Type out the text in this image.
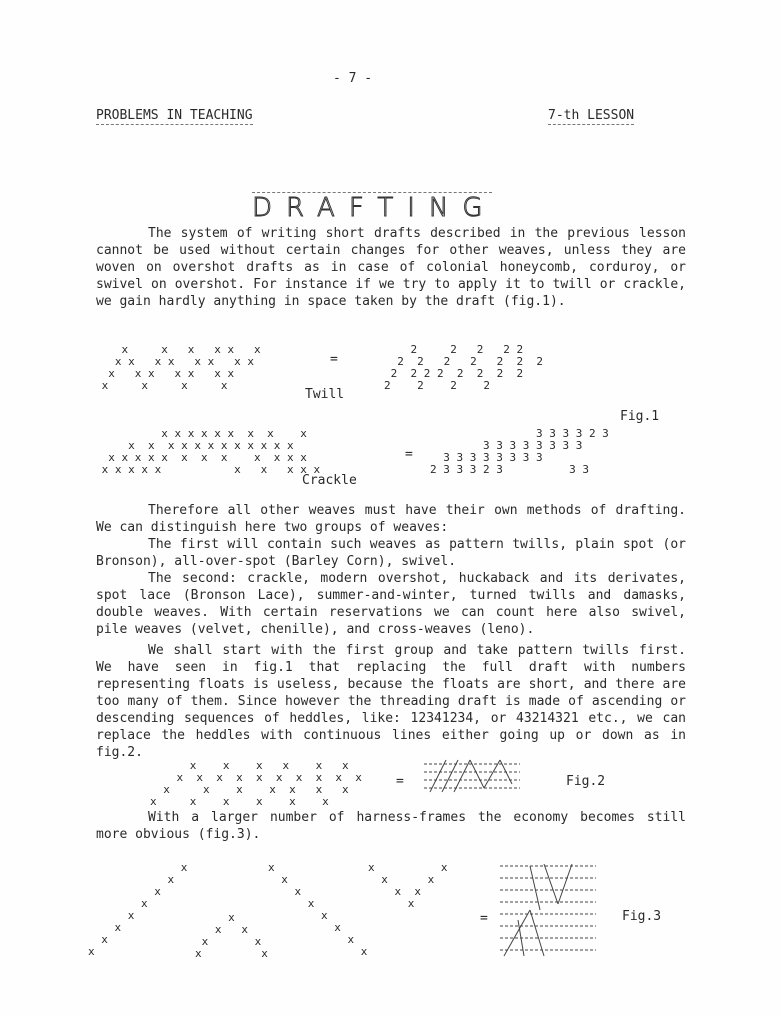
- 7 -
PROBLEMS IN TEACHING	7-th LESSON

DRAFTING

The system of writing short drafts described in the previous lesson cannot be used without certain changes for other weaves, unless they are woven on overshot drafts as in case of colonial honeycomb, corduroy, or swivel on overshot. For instance if we try to apply it to twill or crackle, we gain hardly anything in space taken by the draft (fig.1).

x     x   x   x x   x
x x   x x   x x   x x
x   x x   x x   x x
x     x     x     x
=
2     2   2   2 2
2  2   2   2   2  2  2
2  2 2 2  2  2  2  2
2    2    2    2
Twill
Fig.1
x x x x x x  x  x    x
x  x  x x x x x x x x x x
x x x x x  x  x  x    x  x x x
x x x x x           x   x   x x x
=
3 3 3 3 2 3
3 3 3 3 3 3 3 3
3 3 3 3 3 3 3 3
2 3 3 3 2 3          3 3
Crackle

Therefore all other weaves must have their own methods of drafting. We can distinguish here two groups of weaves:

The first will contain such weaves as pattern twills, plain spot (or Bronson), all-over-spot (Barley Corn), swivel.

The second: crackle, modern overshot, huckaback and its derivates, spot lace (Bronson Lace), summer-and-winter, turned twills and damasks, double weaves. With certain reservations we can count here also swivel, pile weaves (velvet, chenille), and cross-weaves (leno).

We shall start with the first group and take pattern twills first. We have seen in fig.1 that replacing the full draft with numbers representing floats is useless, because the floats are short, and there are too many of them. Since however the threading draft is made of ascending or descending sequences of heddles, like: 12341234, or 43214321 etc., we can replace the heddles with continuous lines either going up or down as in fig.2.

x    x    x   x    x   x
x  x  x  x  x  x  x  x  x  x
x     x    x    x  x   x   x
x     x    x    x    x    x
=	Fig.2

With a larger number of harness-frames the economy becomes still more obvious (fig.3).

x
x
x
x
x
x
x
x
x
x   x
x       x
x         x
x
x
x
x
x
x
x
x
x          x
x      x
x  x
x
=	Fig.3
